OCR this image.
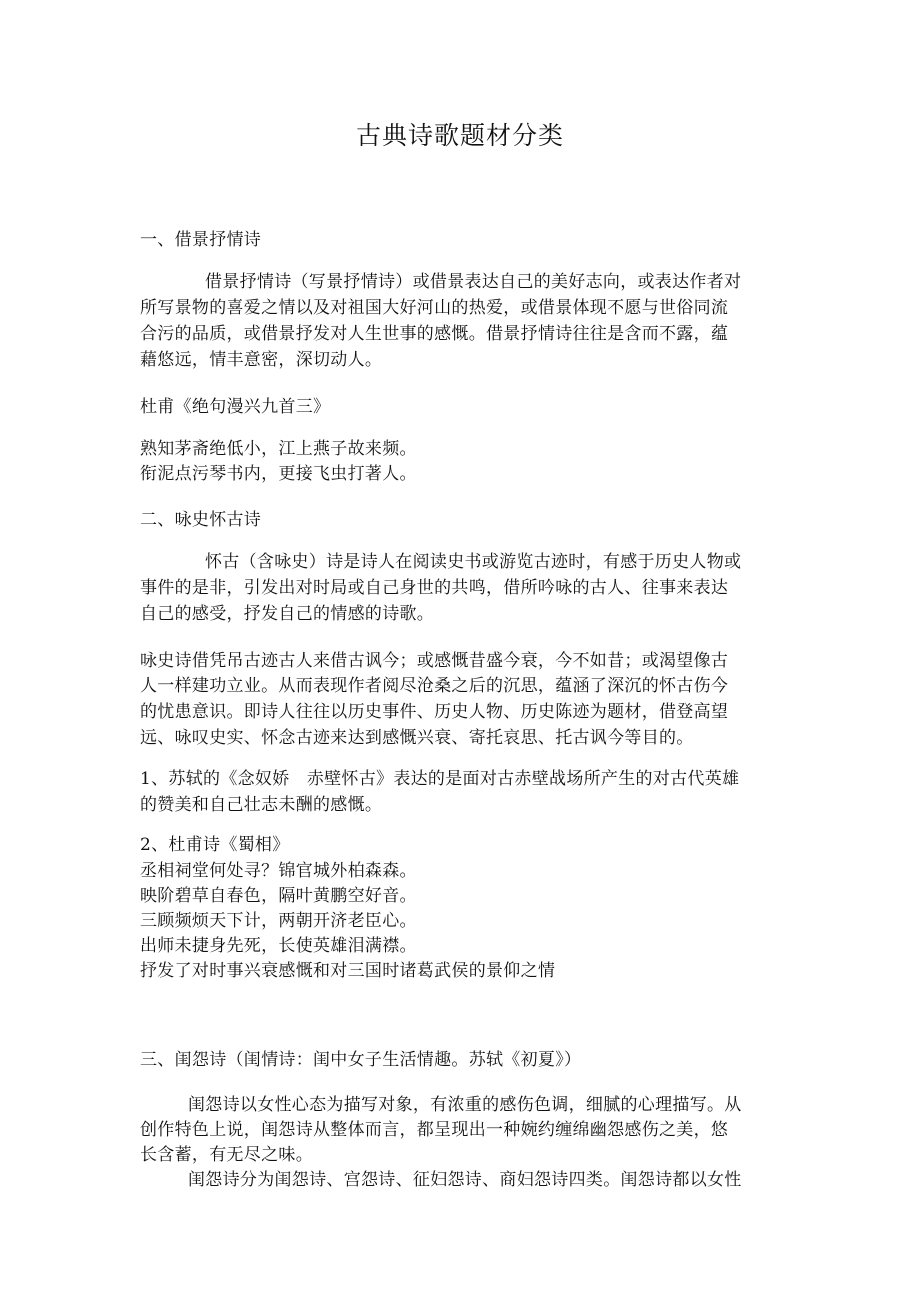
古典诗歌题材分类
一、借景抒情诗
借景抒情诗（写景抒情诗）或借景表达自己的美好志向，或表达作者对
所写景物的喜爱之情以及对祖国大好河山的热爱，或借景体现不愿与世俗同流
合污的品质，或借景抒发对人生世事的感慨。借景抒情诗往往是含而不露，蕴
藉悠远，情丰意密，深切动人。
杜甫《绝句漫兴九首三》
熟知茅斋绝低小，江上燕子故来频。
衔泥点污琴书内，更接飞虫打著人。
二、咏史怀古诗
怀古（含咏史）诗是诗人在阅读史书或游览古迹时，有感于历史人物或
事件的是非，引发出对时局或自己身世的共鸣，借所吟咏的古人、往事来表达
自己的感受，抒发自己的情感的诗歌。
咏史诗借凭吊古迹古人来借古讽今；或感慨昔盛今衰，今不如昔；或渴望像古
人一样建功立业。从而表现作者阅尽沧桑之后的沉思，蕴涵了深沉的怀古伤今
的忧患意识。即诗人往往以历史事件、历史人物、历史陈迹为题材，借登高望
远、咏叹史实、怀念古迹来达到感慨兴衰、寄托哀思、托古讽今等目的。
1、苏轼的《念奴娇　赤壁怀古》表达的是面对古赤壁战场所产生的对古代英雄
的赞美和自己壮志未酬的感慨。
2、杜甫诗《蜀相》
丞相祠堂何处寻？锦官城外柏森森。
映阶碧草自春色，隔叶黄鹏空好音。
三顾频烦天下计，两朝开济老臣心。
出师未捷身先死，长使英雄泪满襟。
抒发了对时事兴衰感慨和对三国时诸葛武侯的景仰之情
三、闺怨诗（闺情诗：闺中女子生活情趣。苏轼《初夏》）
闺怨诗以女性心态为描写对象，有浓重的感伤色调，细腻的心理描写。从
创作特色上说，闺怨诗从整体而言，都呈现出一种婉约缠绵幽怨感伤之美，悠
长含蓄，有无尽之味。
闺怨诗分为闺怨诗、宫怨诗、征妇怨诗、商妇怨诗四类。闺怨诗都以女性
